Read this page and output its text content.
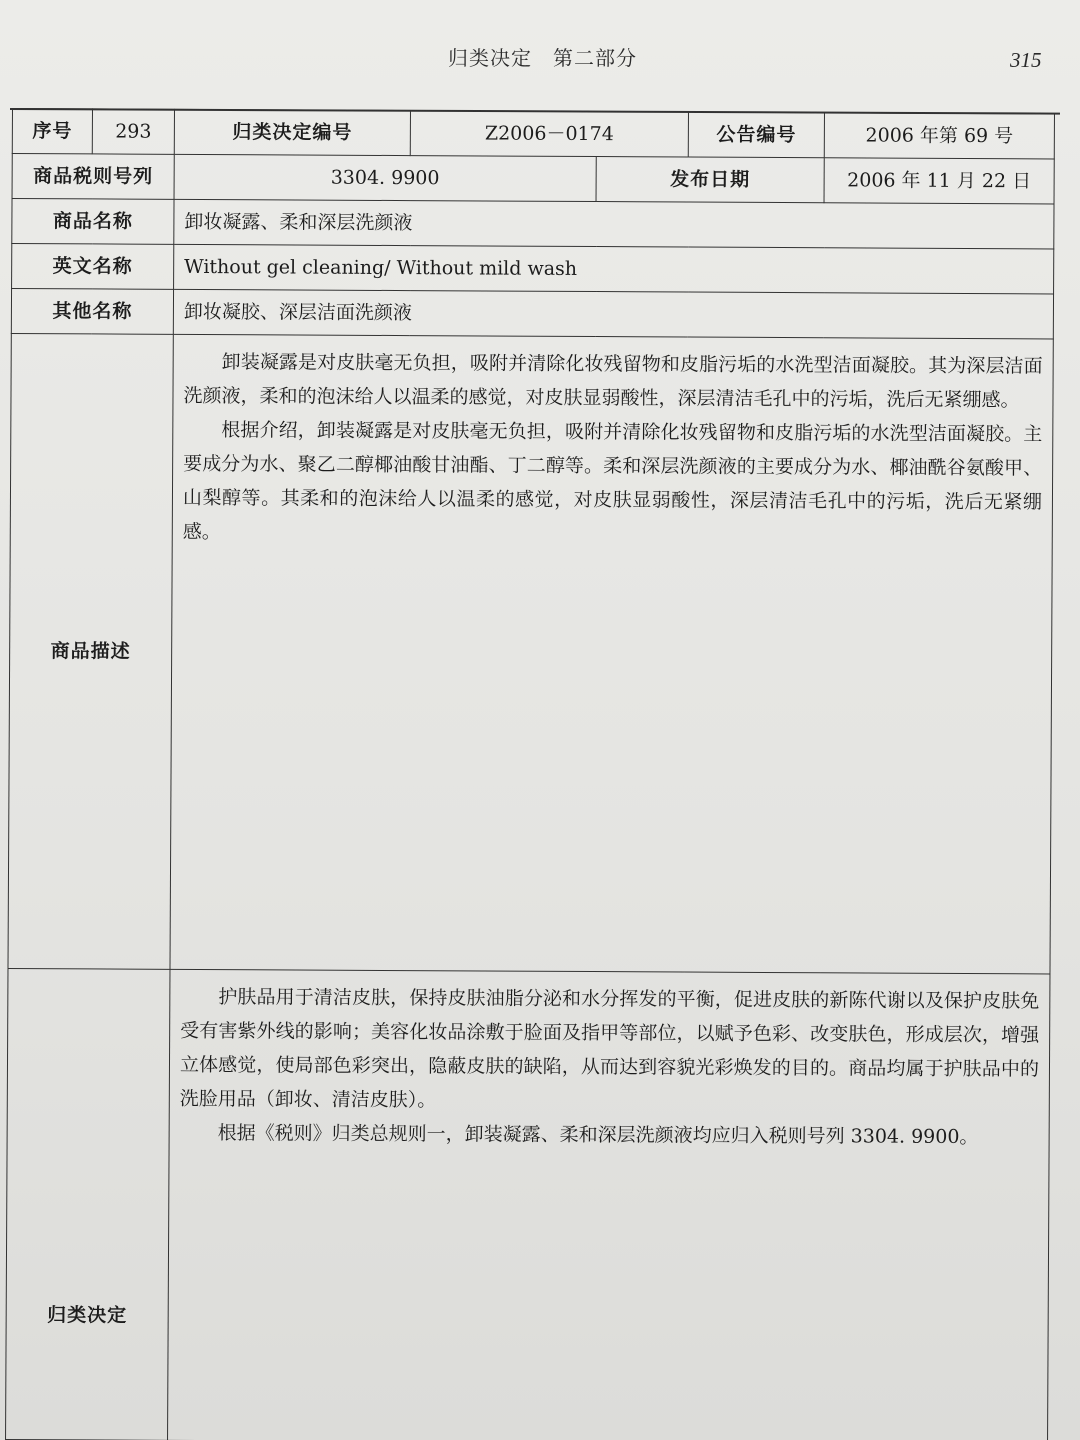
归类决定　第二部分	315
序号	293	归类决定编号	Z2006－0174		公告编号	2006 年第 69 号
商品税则号列		3304. 9900		发布日期		2006 年 11 月 22 日
商品名称		卸妆凝露、柔和深层洗颜液				
英文名称		Without gel cleaning/ Without mild wash				
其他名称		卸妆凝胶、深层洁面洗颜液				
商品描述		卸装凝露是对皮肤毫无负担，吸附并清除化妆残留物和皮脂污垢的水洗型洁面凝胶。其为深层洁面洗颜液，柔和的泡沫给人以温柔的感觉，对皮肤显弱酸性，深层清洁毛孔中的污垢，洗后无紧绷感。

根据介绍，卸装凝露是对皮肤毫无负担，吸附并清除化妆残留物和皮脂污垢的水洗型洁面凝胶。主要成分为水、聚乙二醇椰油酸甘油酯、丁二醇等。柔和深层洗颜液的主要成分为水、椰油酰谷氨酸甲、山梨醇等。其柔和的泡沫给人以温柔的感觉，对皮肤显弱酸性，深层清洁毛孔中的污垢，洗后无紧绷感。				

归类决定		护肤品用于清洁皮肤，保持皮肤油脂分泌和水分挥发的平衡，促进皮肤的新陈代谢以及保护皮肤免受有害紫外线的影响；美容化妆品涂敷于脸面及指甲等部位，以赋予色彩、改变肤色，形成层次，增强立体感觉，使局部色彩突出，隐蔽皮肤的缺陷，从而达到容貌光彩焕发的目的。商品均属于护肤品中的洗脸用品（卸妆、清洁皮肤）。

根据《税则》归类总规则一，卸装凝露、柔和深层洗颜液均应归入税则号列 3304. 9900。				
